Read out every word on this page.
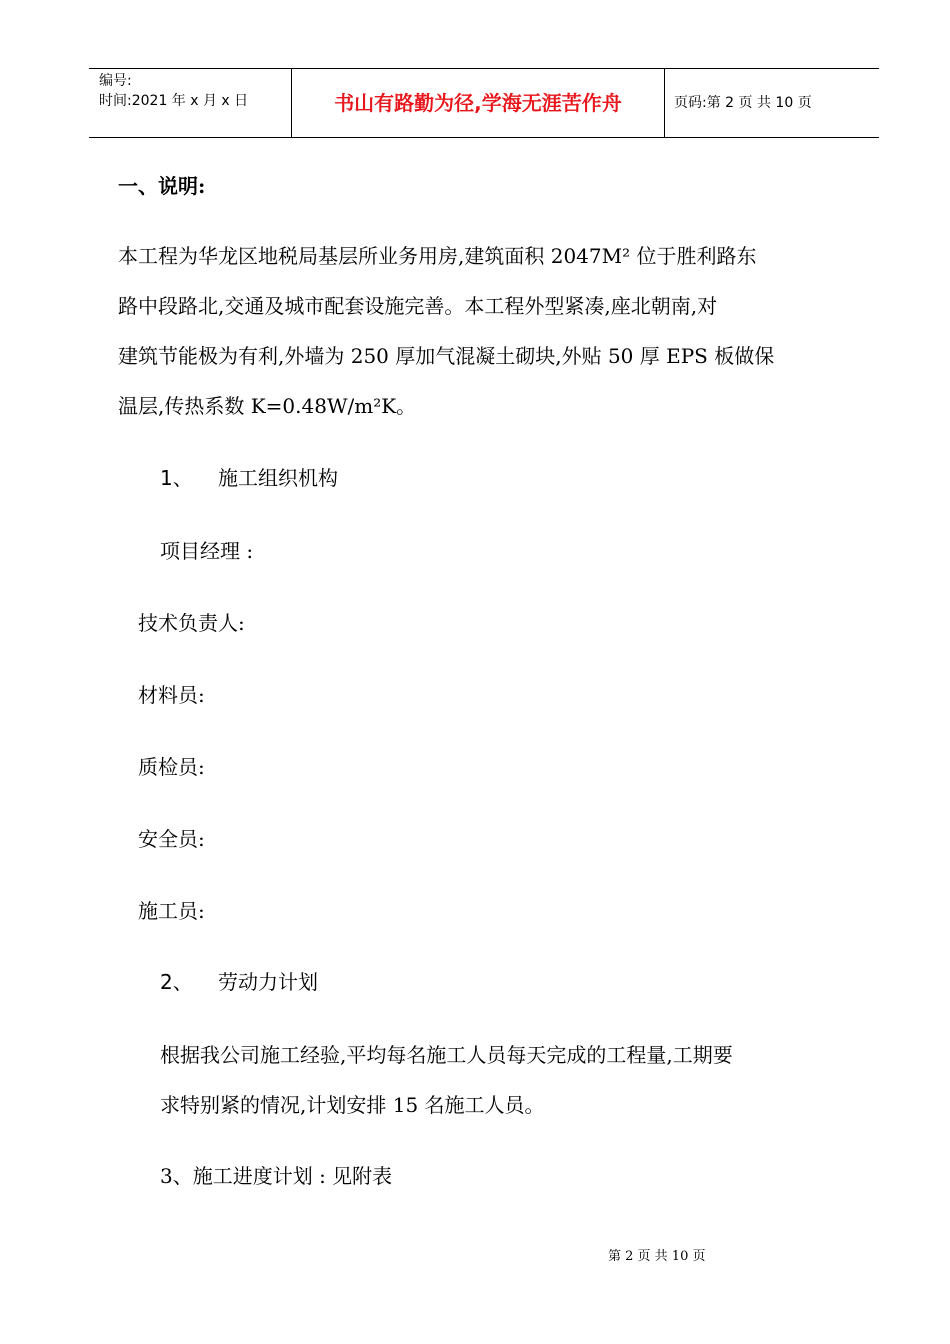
编号:
时间:2021 年 x 月 x 日	书山有路勤为径,学海无涯苦作舟	页码:第 2 页 共 10 页
一、说明:
本工程为华龙区地税局基层所业务用房,建筑面积 2047M² 位于胜利路东
路中段路北,交通及城市配套设施完善。本工程外型紧凑,座北朝南,对
建筑节能极为有利,外墙为 250 厚加气混凝土砌块,外贴 50 厚 EPS 板做保
温层,传热系数 K=0.48W/m²K。
1、 施工组织机构
项目经理 :
技术负责人:
材料员:
质检员:
安全员:
施工员:
2、 劳动力计划
根据我公司施工经验,平均每名施工人员每天完成的工程量,工期要
求特别紧的情况,计划安排 15 名施工人员。
3、施工进度计划 : 见附表
第 2 页 共 10 页
